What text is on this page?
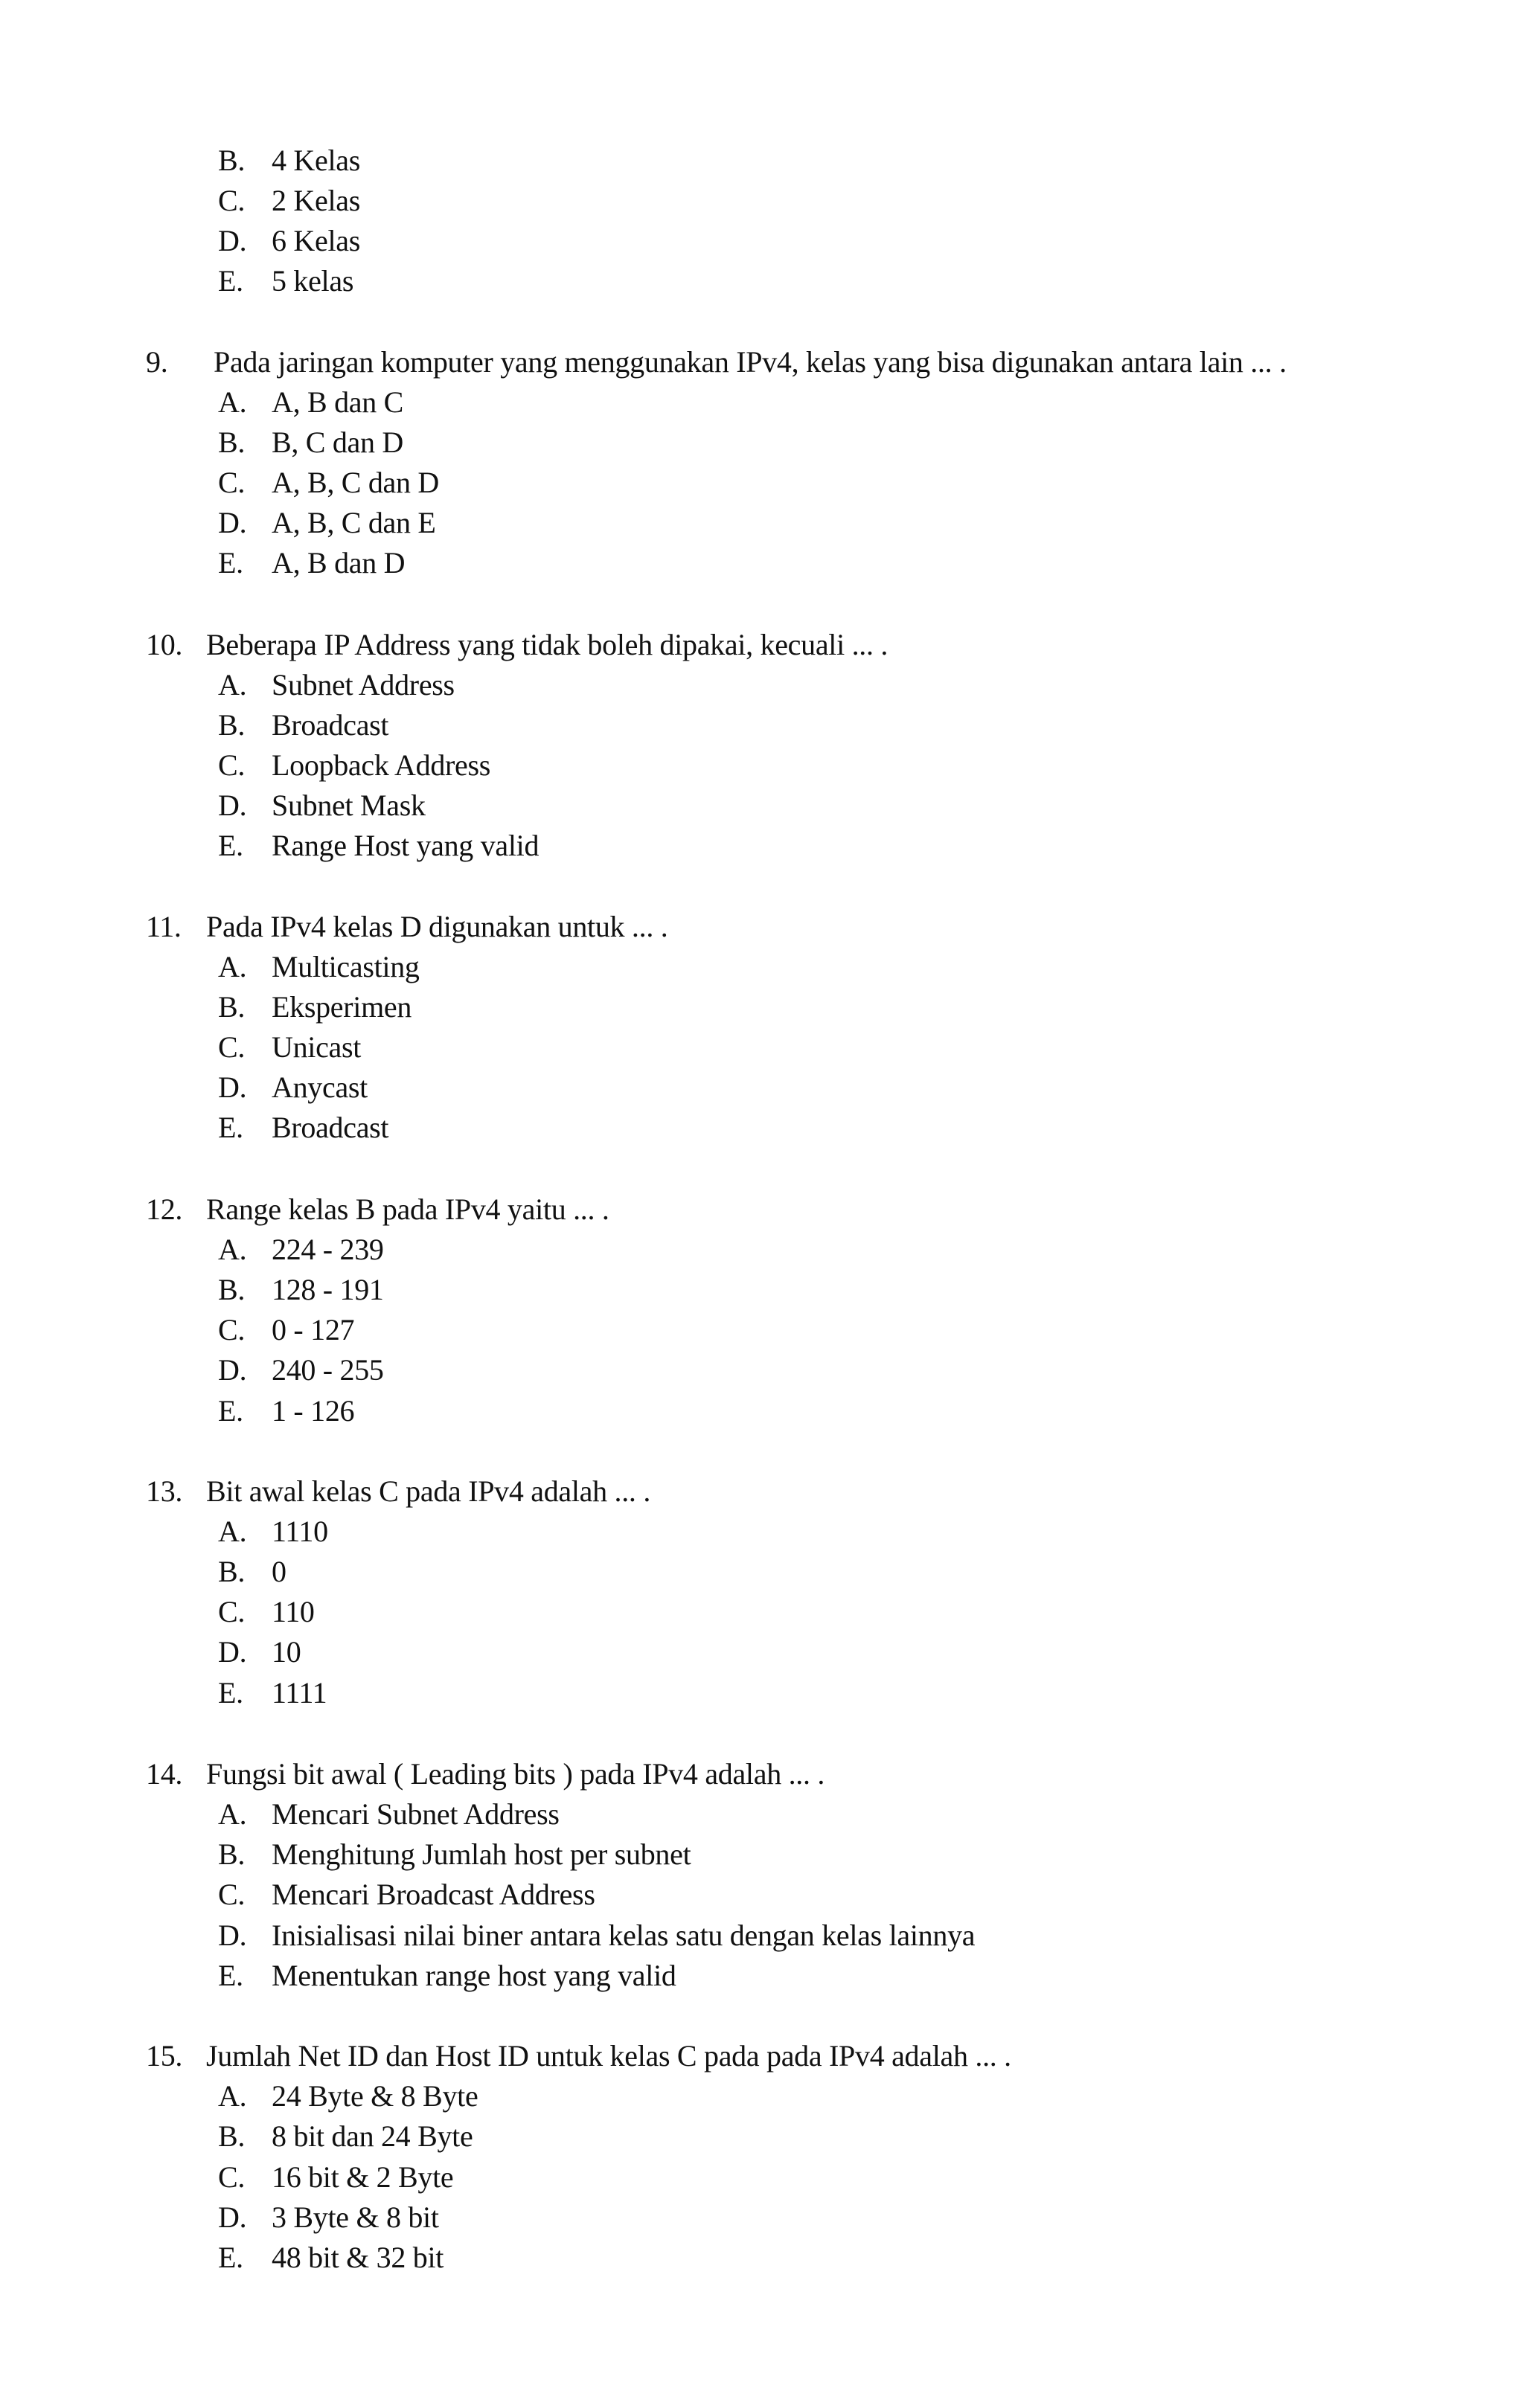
B. 4 Kelas
C. 2 Kelas
D. 6 Kelas
E. 5 kelas
9. Pada jaringan komputer yang menggunakan IPv4, kelas yang bisa digunakan antara lain ... .
A. A, B dan C
B. B, C dan D
C. A, B, C dan D
D. A, B, C dan E
E. A, B dan D
10. Beberapa IP Address yang tidak boleh dipakai, kecuali ... .
A. Subnet Address
B. Broadcast
C. Loopback Address
D. Subnet Mask
E. Range Host yang valid
11. Pada IPv4 kelas D digunakan untuk ... .
A. Multicasting
B. Eksperimen
C. Unicast
D. Anycast
E. Broadcast
12. Range kelas B pada IPv4 yaitu ... .
A. 224 - 239
B. 128 - 191
C. 0 - 127
D. 240 - 255
E. 1 - 126
13. Bit awal kelas C pada IPv4 adalah ... .
A. 1110
B. 0
C. 110
D. 10
E. 1111
14. Fungsi bit awal ( Leading bits ) pada IPv4 adalah ... .
A. Mencari Subnet Address
B. Menghitung Jumlah host per subnet
C. Mencari Broadcast Address
D. Inisialisasi nilai biner antara kelas satu dengan kelas lainnya
E. Menentukan range host yang valid
15. Jumlah Net ID dan Host ID untuk kelas C pada pada IPv4 adalah ... .
A. 24 Byte & 8 Byte
B. 8 bit dan 24 Byte
C. 16 bit & 2 Byte
D. 3 Byte & 8 bit
E. 48 bit & 32 bit
